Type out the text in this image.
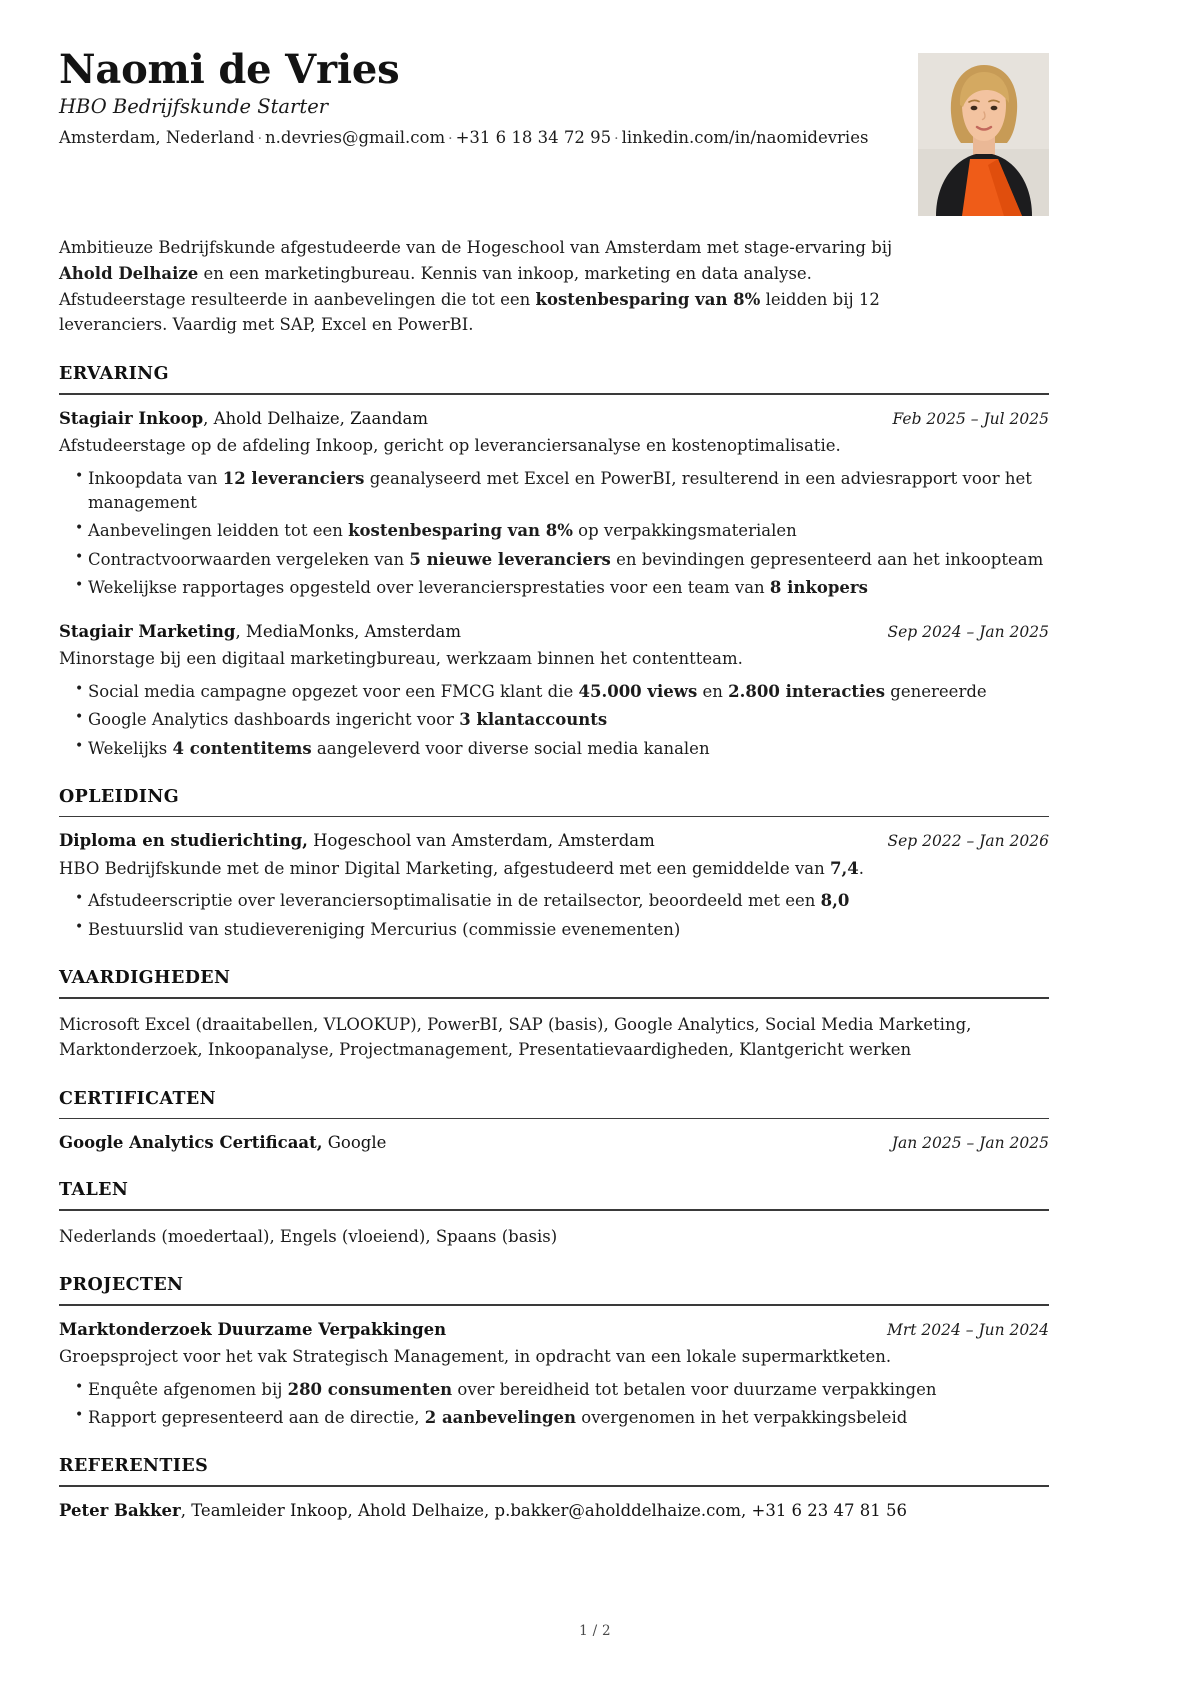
Naomi de Vries
HBO Bedrijfskunde Starter
Amsterdam, Nederland · n.devries@gmail.com · +31 6 18 34 72 95 · linkedin.com/in/naomidevries

Ambitieuze Bedrijfskunde afgestudeerde van de Hogeschool van Amsterdam met stage-ervaring bij Ahold Delhaize en een marketingbureau. Kennis van inkoop, marketing en data analyse. Afstudeerstage resulteerde in aanbevelingen die tot een kostenbesparing van 8% leidden bij 12 leveranciers. Vaardig met SAP, Excel en PowerBI.

ERVARING
Stagiair Inkoop, Ahold Delhaize, Zaandam	Feb 2025 – Jul 2025

Afstudeerstage op de afdeling Inkoop, gericht op leveranciersanalyse en kostenoptimalisatie.

• Inkoopdata van 12 leveranciers geanalyseerd met Excel en PowerBI, resulterend in een adviesrapport voor het management
• Aanbevelingen leidden tot een kostenbesparing van 8% op verpakkingsmaterialen
• Contractvoorwaarden vergeleken van 5 nieuwe leveranciers en bevindingen gepresenteerd aan het inkoopteam
• Wekelijkse rapportages opgesteld over leveranciersprestaties voor een team van 8 inkopers
Stagiair Marketing, MediaMonks, Amsterdam	Sep 2024 – Jan 2025

Minorstage bij een digitaal marketingbureau, werkzaam binnen het contentteam.

• Social media campagne opgezet voor een FMCG klant die 45.000 views en 2.800 interacties genereerde
• Google Analytics dashboards ingericht voor 3 klantaccounts
• Wekelijks 4 contentitems aangeleverd voor diverse social media kanalen
OPLEIDING
Diploma en studierichting, Hogeschool van Amsterdam, Amsterdam	Sep 2022 – Jan 2026

HBO Bedrijfskunde met de minor Digital Marketing, afgestudeerd met een gemiddelde van 7,4.

• Afstudeerscriptie over leveranciersoptimalisatie in de retailsector, beoordeeld met een 8,0
• Bestuurslid van studievereniging Mercurius (commissie evenementen)
VAARDIGHEDEN

Microsoft Excel (draaitabellen, VLOOKUP), PowerBI, SAP (basis), Google Analytics, Social Media Marketing, Marktonderzoek, Inkoopanalyse, Projectmanagement, Presentatievaardigheden, Klantgericht werken

CERTIFICATEN
Google Analytics Certificaat, Google	Jan 2025 – Jan 2025
TALEN

Nederlands (moedertaal), Engels (vloeiend), Spaans (basis)

PROJECTEN
Marktonderzoek Duurzame Verpakkingen	Mrt 2024 – Jun 2024

Groepsproject voor het vak Strategisch Management, in opdracht van een lokale supermarktketen.

• Enquête afgenomen bij 280 consumenten over bereidheid tot betalen voor duurzame verpakkingen
• Rapport gepresenteerd aan de directie, 2 aanbevelingen overgenomen in het verpakkingsbeleid
REFERENTIES
Peter Bakker, Teamleider Inkoop, Ahold Delhaize, p.bakker@aholddelhaize.com, +31 6 23 47 81 56
1 / 2
